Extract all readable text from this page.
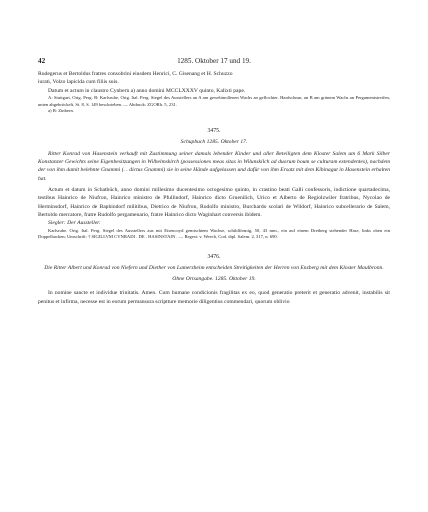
42	1285. Oktober 17 und 19.

Rudegerus et Bertoldus fratres consobrini eiusdem Henrici, C. Gisenang et H. Schuzzo

iurati, Volzo lapicida cum filiis suis.

Datum et actum in claustro Cynbern a) anno domini MCCLXXXV quinto, Kalixti pape.

A: Stuttgart, Orig. Perg. B: Karlsruhe, Orig. Ital. Perg. Siegel des Ausstellers an A am gewebtnollenen Wachs an geflochter. Hanfschnur, an B am grünem Wachs an Pergamentstreifen, unten abgebröckelt, St. 8, S. 149 beschrieben. — Abdruck: ZGORh. 5, 231.

a) B: Zinbern.

3475.

Schupbuch 1285. Oktober 17.

Ritter Konrad von Hasenstein verkauft mit Zustimmung seiner damals lebender Kinder und aller Beteiligten dem Kloster Salem um 6 Mark Silber Konstanzer Gewichts seine Eigenbesitzungen in Wilhelmskirch (possessiones meas sitas in Wilunskilch ad duorum boum se culturam extendentes), nachdem der von ihm damit belehnte Gnammi (. . dictus Gnammi) sie in seine Hände aufgelassen und dafür von ihm Ersatz mit dem Kibinagut in Hasenstein erhalten hat.

Actum et datum in Schatbüch, anno domini millesimo ducentesimo octogesimo quinto, in crastino beati Galli confessoris, indictione quartadecima, testibus Hainrico de Niufron, Hainrico ministro de Pfullindorf, Hainrico dicto Gruenilich, Urico et Alberto de Regiolzwiler fratribus, Nycolao de Herminsdorf, Hainrico de Baphindorf militibus, Dietrico de Niufron, Rudolfo ministro, Burchardo scolari de Wildorf, Hainrico subcellerario de Salem, Bertoldo mercatore, fratre Rudolfo pergamenario, fratre Hainrico dicto Waginhart conversis ibidem.

Siegler: Der Aussteller.

Karlsruhe. Orig. Ital. Perg. Siegel des Ausstellers aus mit Eisencoyd gemischtem Wachse, schildförmig, 50, 43 mm., ein auf einem Dreiberg stehender Hase, links oben ein Doppelhacken; Umschrift: † SIGILLVM CVNRADI . DE . HASINSTAIN . — Regest: v. Weech, Cod. dipl. Salem. 2, 317, n. 690.

3476.

Die Ritter Albert und Konrad von Niefern und Diether von Lamerzheim entscheiden Streitigkeiten der Herren von Enzberg mit dem Kloster Maulbronn.

Ohne Ortsangabe. 1285. Oktober 19.

In nomine sancte et individue trinitatis. Amen. Cum humane condicionis fragilitas ex eo, quod generatio preterit et generatio advenit, instabilis sit penitus et infirma, necesse est in eorum permansura scriptture memorie diligentius commendari, quorum oblivio
